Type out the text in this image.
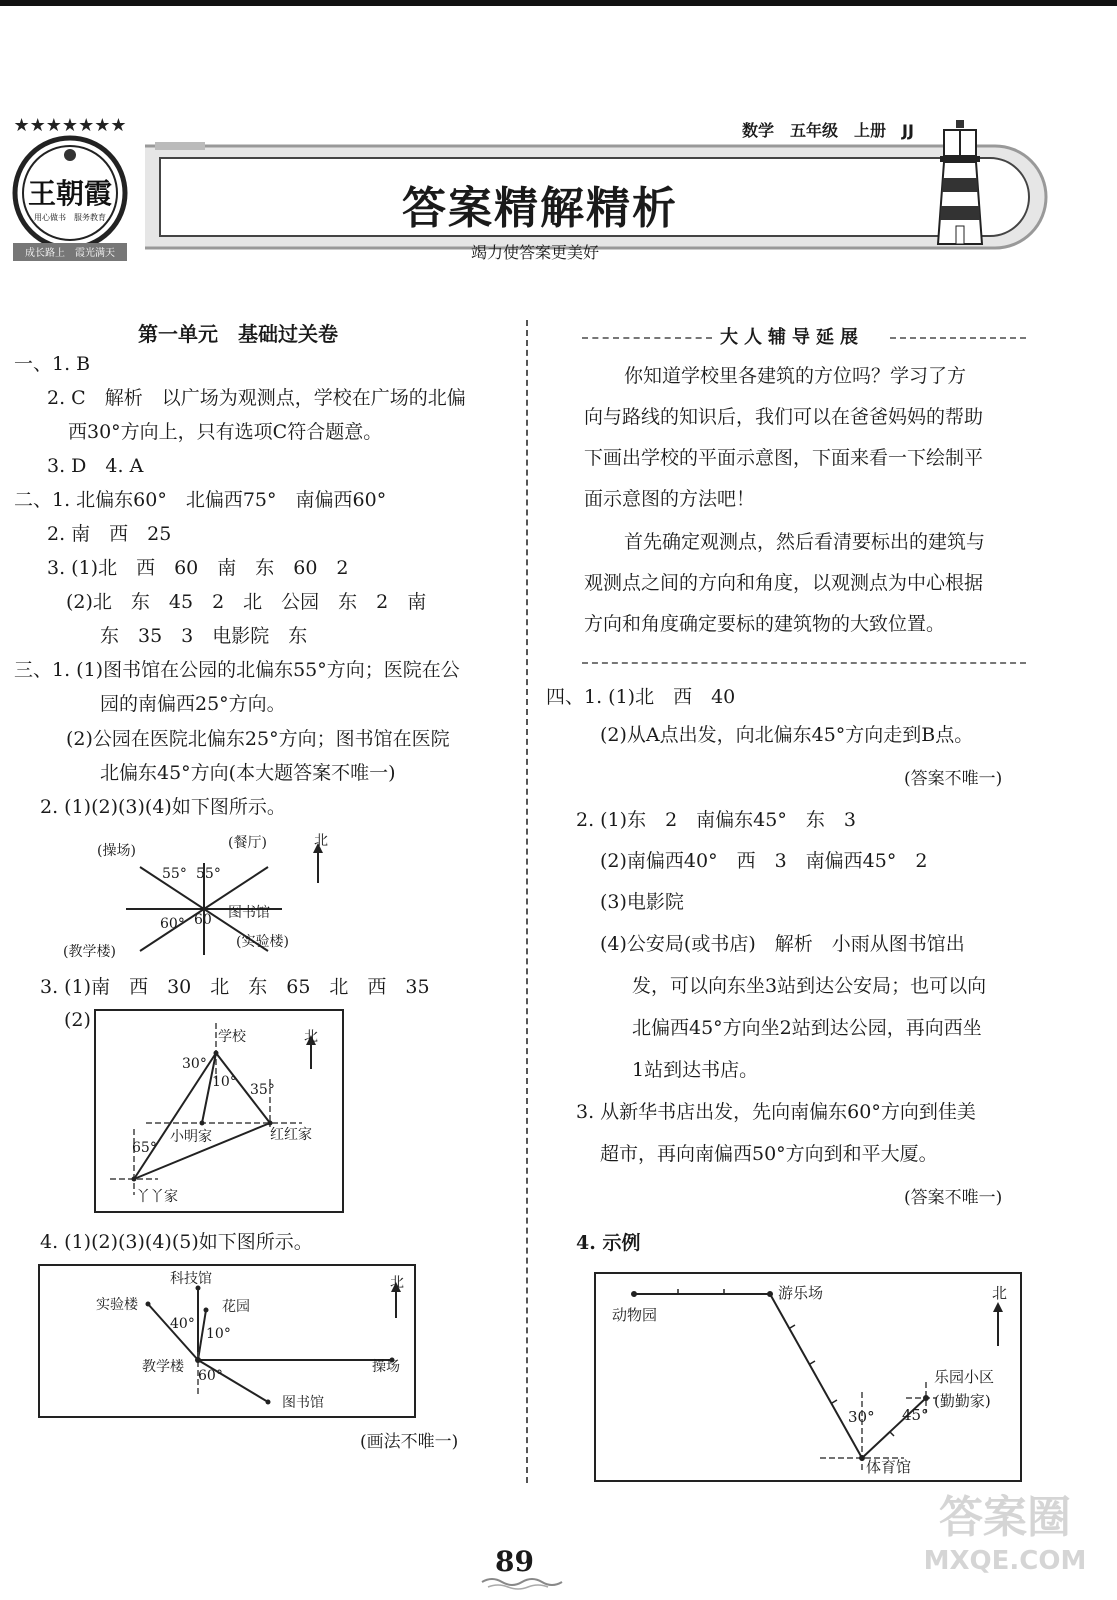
★★★★★★★
王朝霞
用心做书　服务教育
成长路上　霞光满天
数学　五年级　上册　JJ
答案精解精析
竭力使答案更美好
第一单元　基础过关卷
一、1. B
2. C　解析　以广场为观测点，学校在广场的北偏
西30°方向上，只有选项C符合题意。
3. D　4. A
二、1. 北偏东60°　北偏西75°　南偏西60°
2. 南　西　25
3. (1)北　西　60　南　东　60　2
(2)北　东　45　2　北　公园　东　2　南
东　35　3　电影院　东
三、1. (1)图书馆在公园的北偏东55°方向；医院在公
园的南偏西25°方向。
(2)公园在医院北偏东25°方向；图书馆在医院
北偏东45°方向(本大题答案不唯一)
2. (1)(2)(3)(4)如下图所示。
(操场)	(餐厅)	北
55° 55°
图书馆
60° 60
(教学楼)
(实验楼)
3. (1)南　西　30　北　东　65　北　西　35
(2)
学校	北
30°
10° 35°
小明家	红红家
65°
丫丫家
4. (1)(2)(3)(4)(5)如下图所示。
科技馆	北
实验楼	花园
40°
10°
教学楼	操场
60°
图书馆
(画法不唯一)
大人辅导延展
你知道学校里各建筑的方位吗？学习了方
向与路线的知识后，我们可以在爸爸妈妈的帮助
下画出学校的平面示意图，下面来看一下绘制平
面示意图的方法吧！
首先确定观测点，然后看清要标出的建筑与
观测点之间的方向和角度，以观测点为中心根据
方向和角度确定要标的建筑物的大致位置。
四、1. (1)北　西　40
(2)从A点出发，向北偏东45°方向走到B点。
(答案不唯一)
2. (1)东　2　南偏东45°　东　3
(2)南偏西40°　西　3　南偏西45°　2
(3)电影院
(4)公安局(或书店)　解析　小雨从图书馆出
发，可以向东坐3站到达公安局；也可以向
北偏西45°方向坐2站到达公园，再向西坐
1站到达书店。
3. 从新华书店出发，先向南偏东60°方向到佳美
超市，再向南偏西50°方向到和平大厦。
(答案不唯一)
4. 示例
动物园
游乐场	北
乐园小区
(勤勤家)
30° 45°
体育馆
89
答案圈
MXQE.COM
